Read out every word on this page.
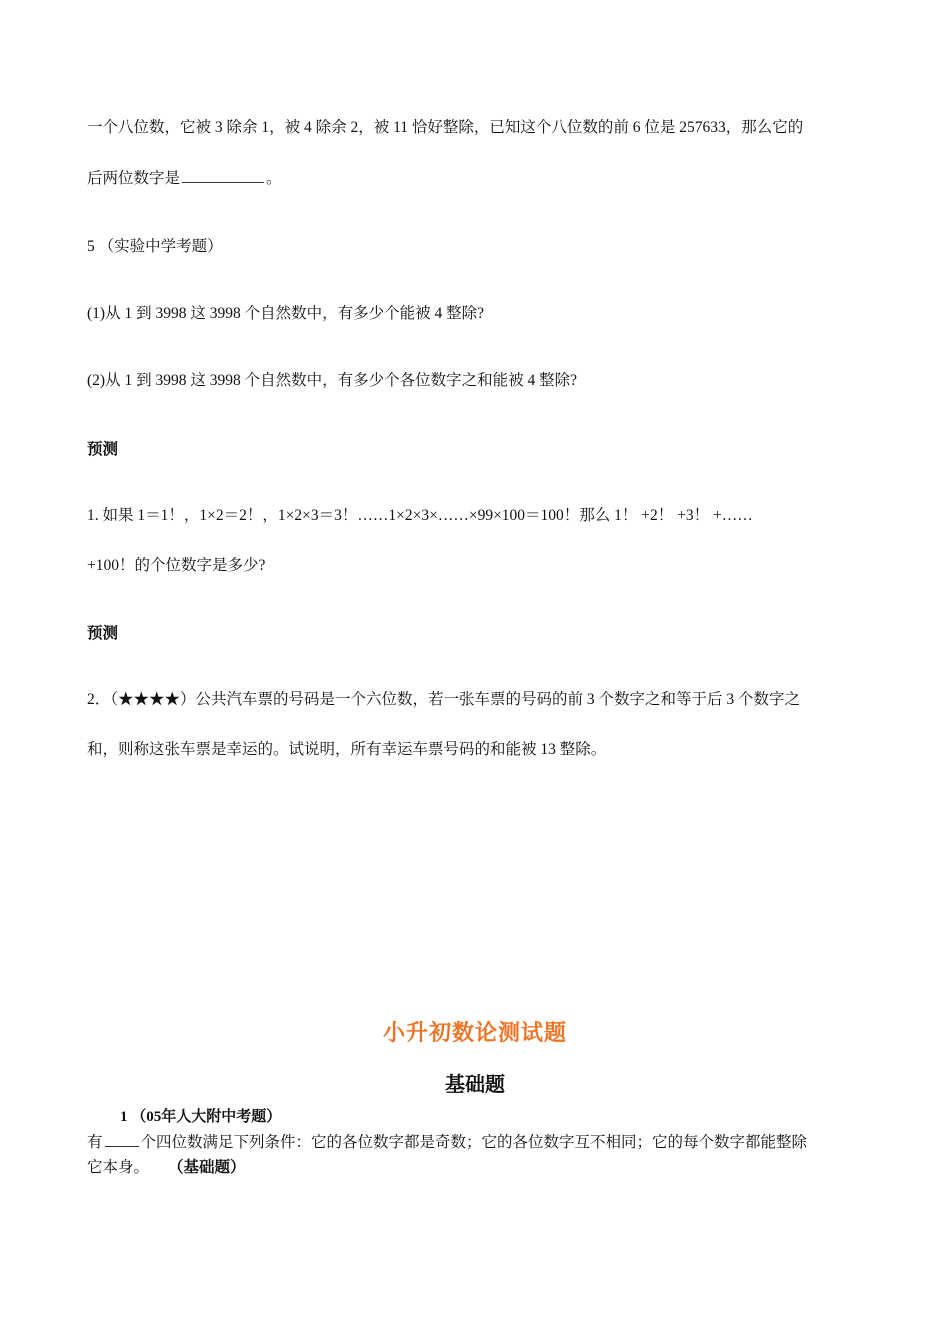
一个八位数，它被 3 除余 1，被 4 除余 2，被 11 恰好整除，已知这个八位数的前 6 位是 257633，那么它的
后两位数字是	。
5 （实验中学考题）
(1)从 1 到 3998 这 3998 个自然数中，有多少个能被 4 整除?
(2)从 1 到 3998 这 3998 个自然数中，有多少个各位数字之和能被 4 整除?
预测
1. 如果 1＝1！，1×2＝2！，1×2×3＝3！……1×2×3×……×99×100＝100！那么 1！ +2！ +3！ +……
+100！的个位数字是多少?
预测
2．（★★★★）公共汽车票的号码是一个六位数，若一张车票的号码的前 3 个数字之和等于后 3 个数字之
和，则称这张车票是幸运的。试说明，所有幸运车票号码的和能被 13 整除。
小升初数论测试题
基础题
1 （05年人大附中考题）
有 个四位数满足下列条件：它的各位数字都是奇数；它的各位数字互不相同；它的每个数字都能整除
它本身。 （基础题）
